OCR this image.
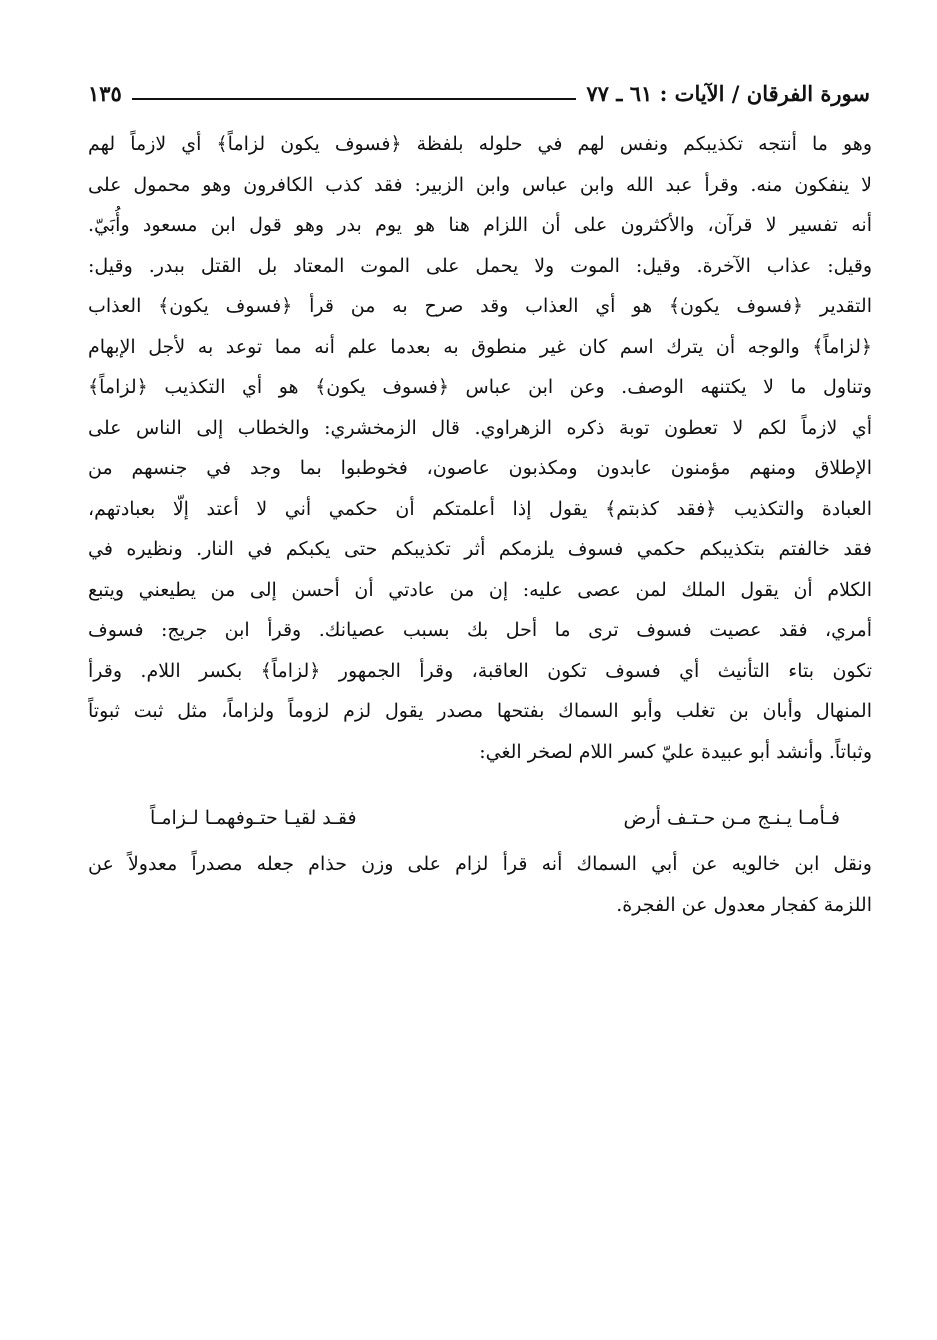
سورة الفرقان / الآيات : ٦١ ـ ٧٧
١٣٥
وهو ما أنتجه تكذيبكم ونفس لهم في حلوله بلفظة ﴿فسوف يكون لزاماً﴾ أي لازماً لهم
لا ينفكون منه. وقرأ عبد الله وابن عباس وابن الزبير: فقد كذب الكافرون وهو محمول على
أنه تفسير لا قرآن، والأكثرون على أن اللزام هنا هو يوم بدر وهو قول ابن مسعود وأُبَيّ.
وقيل: عذاب الآخرة. وقيل: الموت ولا يحمل على الموت المعتاد بل القتل ببدر. وقيل:
التقدير ﴿فسوف يكون﴾ هو أي العذاب وقد صرح به من قرأ ﴿فسوف يكون﴾ العذاب
﴿لزاماً﴾ والوجه أن يترك اسم كان غير منطوق به بعدما علم أنه مما توعد به لأجل الإبهام
وتناول ما لا يكتنهه الوصف. وعن ابن عباس ﴿فسوف يكون﴾ هو أي التكذيب ﴿لزاماً﴾
أي لازماً لكم لا تعطون توبة ذكره الزهراوي. قال الزمخشري: والخطاب إلى الناس على
الإطلاق ومنهم مؤمنون عابدون ومكذبون عاصون، فخوطبوا بما وجد في جنسهم من
العبادة والتكذيب ﴿فقد كذبتم﴾ يقول إذا أعلمتكم أن حكمي أني لا أعتد إلّا بعبادتهم،
فقد خالفتم بتكذيبكم حكمي فسوف يلزمكم أثر تكذيبكم حتى يكبكم في النار. ونظيره في
الكلام أن يقول الملك لمن عصى عليه: إن من عادتي أن أحسن إلى من يطيعني ويتبع
أمري، فقد عصيت فسوف ترى ما أحل بك بسبب عصيانك. وقرأ ابن جريج: فسوف
تكون بتاء التأنيث أي فسوف تكون العاقبة، وقرأ الجمهور ﴿لزاماً﴾ بكسر اللام. وقرأ
المنهال وأبان بن تغلب وأبو السماك بفتحها مصدر يقول لزم لزوماً ولزاماً، مثل ثبت ثبوتاً
وثباتاً. وأنشد أبو عبيدة عليّ كسر اللام لصخر الغي:
فـأمـا يـنـج مـن حـتـف أرض
فقـد لقيـا حتـوفهمـا لـزامـاً
ونقل ابن خالويه عن أبي السماك أنه قرأ لزام على وزن حذام جعله مصدراً معدولاً عن
اللزمة كفجار معدول عن الفجرة.
